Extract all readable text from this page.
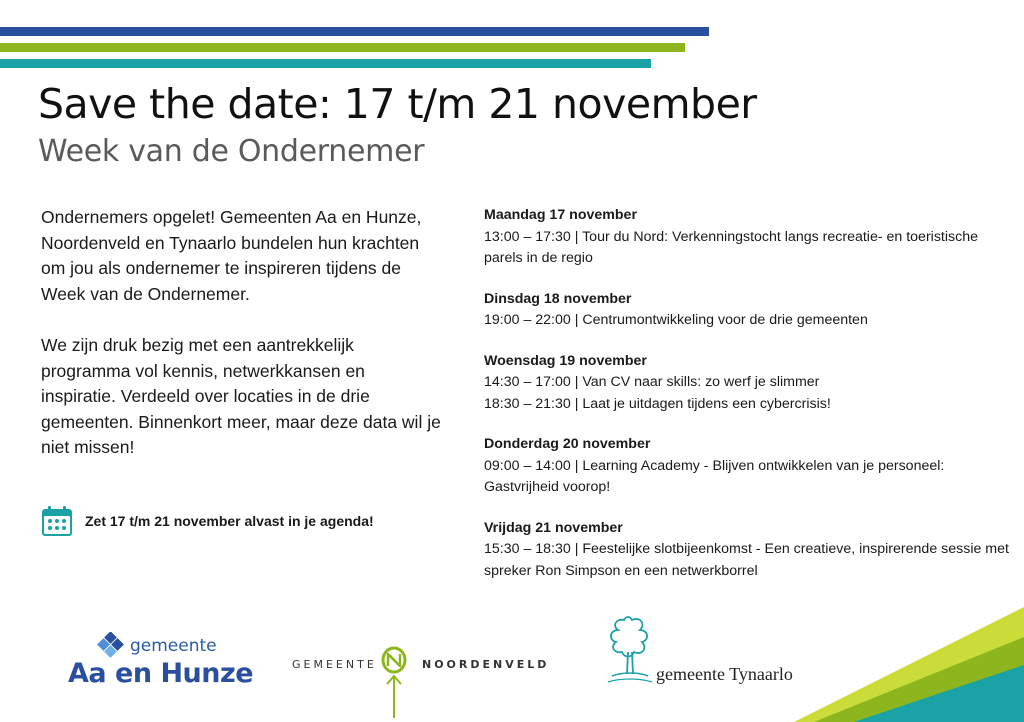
Save the date: 17 t/m 21 november
Week van de Ondernemer

Ondernemers opgelet! Gemeenten Aa en Hunze, Noordenveld en Tynaarlo bundelen hun krachten om jou als ondernemer te inspireren tijdens de Week van de Ondernemer.

We zijn druk bezig met een aantrekkelijk programma vol kennis, netwerkkansen en inspiratie. Verdeeld over locaties in de drie gemeenten. Binnenkort meer, maar deze data wil je niet missen!

Zet 17 t/m 21 november alvast in je agenda!
Maandag 17 november
13:00 – 17:30 | Tour du Nord: Verkenningstocht langs recreatie- en toeristische parels in de regio
Dinsdag 18 november
19:00 – 22:00 | Centrumontwikkeling voor de drie gemeenten
Woensdag 19 november
14:30 – 17:00 | Van CV naar skills: zo werf je slimmer
18:30 – 21:30 | Laat je uitdagen tijdens een cybercrisis!
Donderdag 20 november
09:00 – 14:00 | Learning Academy - Blijven ontwikkelen van je personeel: Gastvrijheid voorop!
Vrijdag 21 november
15:30 – 18:30 | Feestelijke slotbijeenkomst - Een creatieve, inspirerende sessie met spreker Ron Simpson en een netwerkborrel
gemeente
Aa en Hunze	GEMEENTE	NOORDENVELD	gemeente Tynaarlo
